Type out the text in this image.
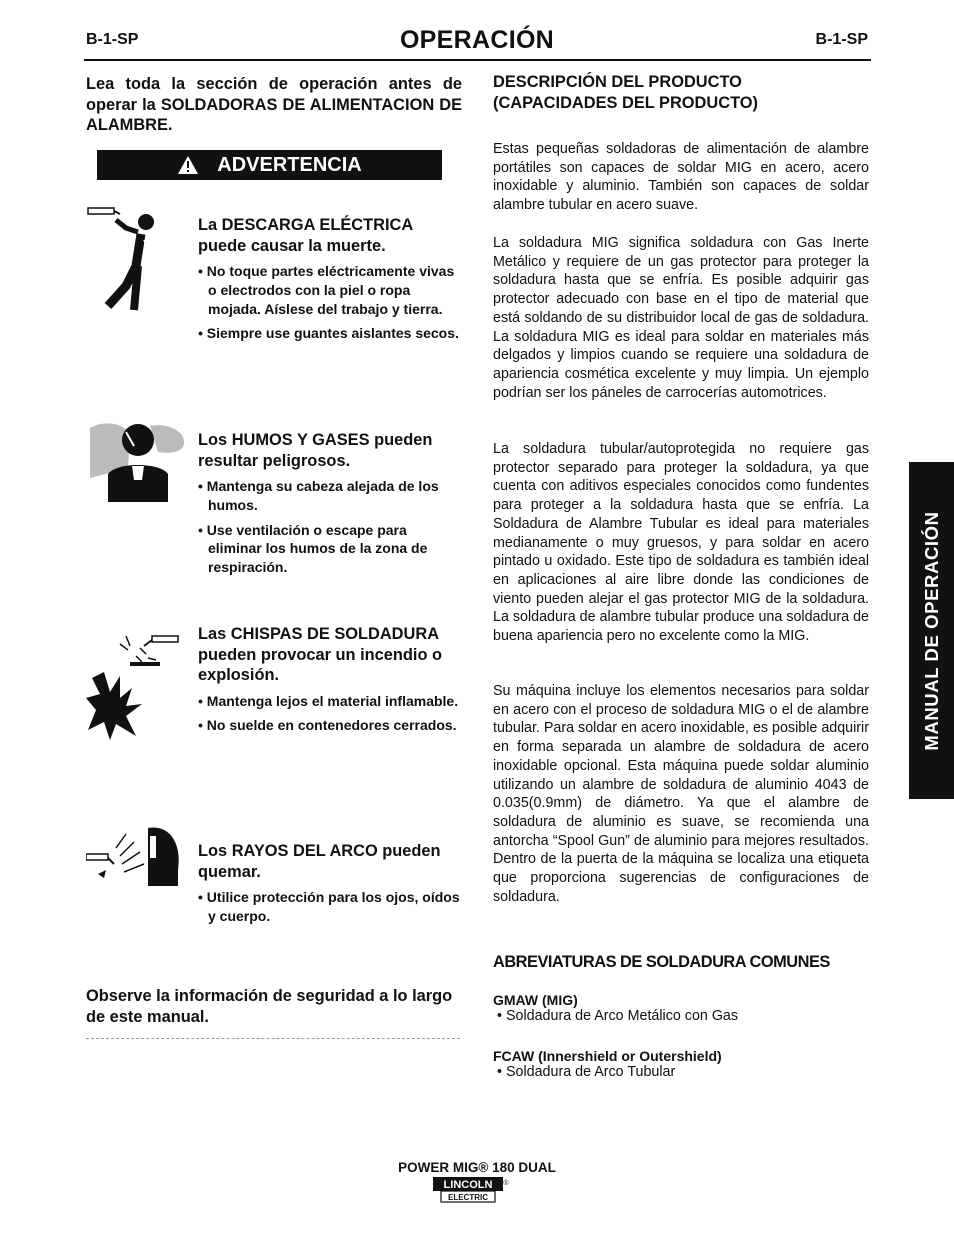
B-1-SP	OPERACIÓN	B-1-SP
Lea toda la sección de operación antes de operar la SOLDADORAS DE ALIMENTACION DE ALAMBRE.
ADVERTENCIA
La DESCARGA ELÉCTRICA puede causar la muerte.
• No toque partes eléctricamente vivas o electrodos con la piel o ropa mojada. Aíslese del trabajo y tierra.
• Siempre use guantes aislantes secos.
Los HUMOS Y GASES pueden resultar peligrosos.
• Mantenga su cabeza alejada de los humos.
• Use ventilación o escape para eliminar los humos de la zona de respiración.
Las CHISPAS DE SOLDADURA pueden provocar un incendio o explosión.
• Mantenga lejos el material inflamable.
• No suelde en contenedores cerrados.
Los RAYOS DEL ARCO pueden quemar.
• Utilice protección para los ojos, oídos y cuerpo.
Observe la información de seguridad a lo largo de este manual.
DESCRIPCIÓN DEL PRODUCTO (CAPACIDADES DEL PRODUCTO)

Estas pequeñas soldadoras de alimentación de alambre portátiles son capaces de soldar MIG en acero, acero inoxidable y aluminio. También son capaces de soldar alambre tubular en acero suave.

La soldadura MIG significa soldadura con Gas Inerte Metálico y requiere de un gas protector para proteger la soldadura hasta que se enfría. Es posible adquirir gas protector adecuado con base en el tipo de material que está soldando de su distribuidor local de gas de soldadura. La soldadura MIG es ideal para soldar en materiales más delgados y limpios cuando se requiere una soldadura de apariencia cosmética excelente y muy limpia. Un ejemplo podrían ser los páneles de carrocerías automotrices.

La soldadura tubular/autoprotegida no requiere gas protector separado para proteger la soldadura, ya que cuenta con aditivos especiales conocidos como fundentes para proteger a la soldadura hasta que se enfría. La Soldadura de Alambre Tubular es ideal para materiales medianamente o muy gruesos, y para soldar en acero pintado u oxidado. Este tipo de soldadura es también ideal en aplicaciones al aire libre donde las condiciones de viento pueden alejar el gas protector MIG de la soldadura. La soldadura de alambre tubular produce una soldadura de buena apariencia pero no excelente como la MIG.

Su máquina incluye los elementos necesarios para soldar en acero con el proceso de soldadura MIG o el de alambre tubular. Para soldar en acero inoxidable, es posible adquirir en forma separada un alambre de soldadura de acero inoxidable opcional. Esta máquina puede soldar aluminio utilizando un alambre de soldadura de aluminio 4043 de 0.035(0.9mm) de diámetro. Ya que el alambre de soldadura de aluminio es suave, se recomienda una antorcha “Spool Gun” de aluminio para mejores resultados. Dentro de la puerta de la máquina se localiza una etiqueta que proporciona sugerencias de configuraciones de soldadura.

ABREVIATURAS DE SOLDADURA COMUNES
GMAW (MIG)
• Soldadura de Arco Metálico con Gas
FCAW (Innershield or Outershield)
• Soldadura de Arco Tubular
MANUAL DE OPERACIÓN
POWER MIG® 180 DUAL
LINCOLN
ELECTRIC
®
